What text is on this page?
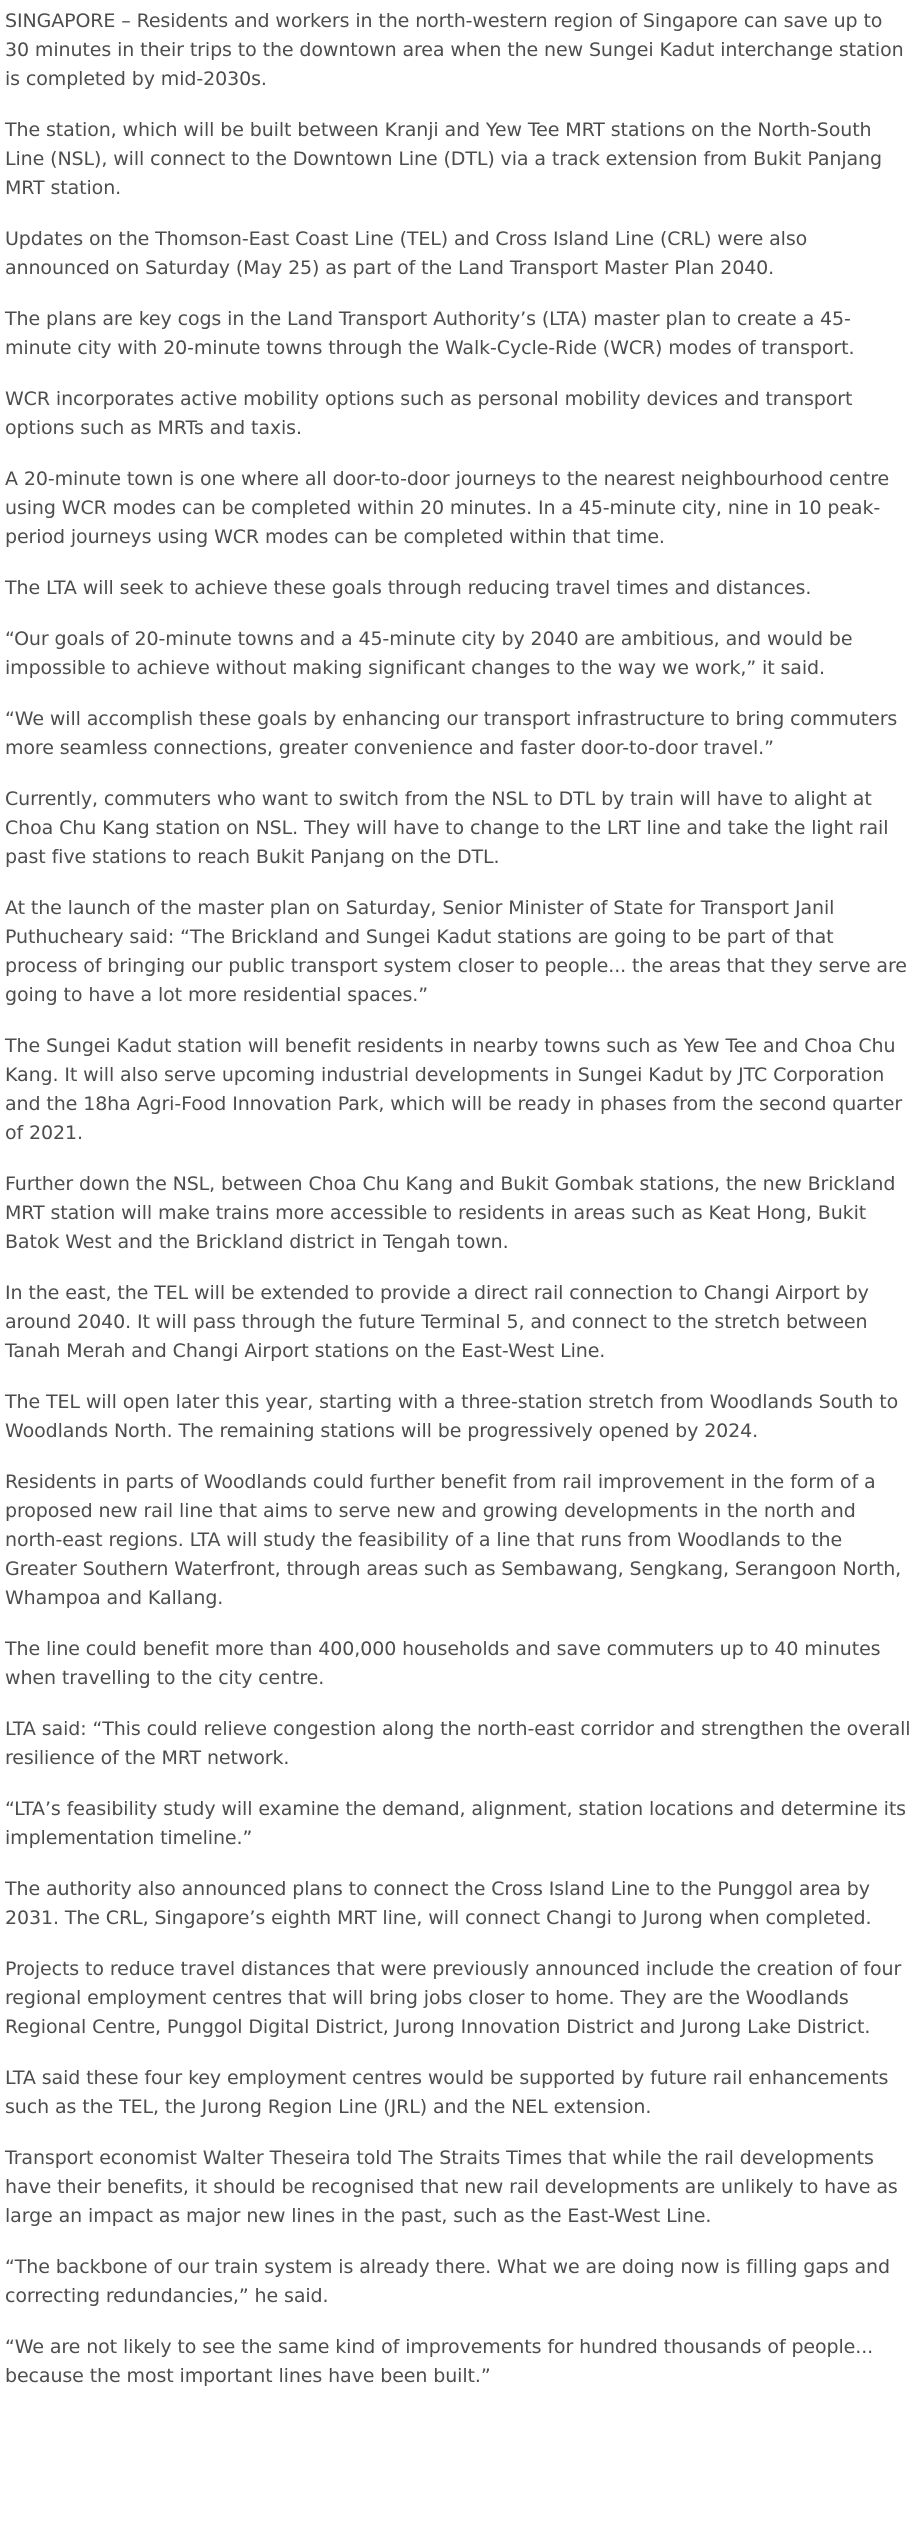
SINGAPORE – Residents and workers in the north-western region of Singapore can save up to 30 minutes in their trips to the downtown area when the new Sungei Kadut interchange station is completed by mid-2030s.

The station, which will be built between Kranji and Yew Tee MRT stations on the North-South Line (NSL), will connect to the Downtown Line (DTL) via a track extension from Bukit Panjang MRT station.

Updates on the Thomson-East Coast Line (TEL) and Cross Island Line (CRL) were also announced on Saturday (May 25) as part of the Land Transport Master Plan 2040.

The plans are key cogs in the Land Transport Authority’s (LTA) master plan to create a 45-minute city with 20-minute towns through the Walk-Cycle-Ride (WCR) modes of transport.

WCR incorporates active mobility options such as personal mobility devices and transport options such as MRTs and taxis.

A 20-minute town is one where all door-to-door journeys to the nearest neighbourhood centre using WCR modes can be completed within 20 minutes. In a 45-minute city, nine in 10 peak-period journeys using WCR modes can be completed within that time.

The LTA will seek to achieve these goals through reducing travel times and distances.

“Our goals of 20-minute towns and a 45-minute city by 2040 are ambitious, and would be impossible to achieve without making significant changes to the way we work,” it said.

“We will accomplish these goals by enhancing our transport infrastructure to bring commuters more seamless connections, greater convenience and faster door-to-door travel.”

Currently, commuters who want to switch from the NSL to DTL by train will have to alight at Choa Chu Kang station on NSL. They will have to change to the LRT line and take the light rail past five stations to reach Bukit Panjang on the DTL.

At the launch of the master plan on Saturday, Senior Minister of State for Transport Janil Puthucheary said: “The Brickland and Sungei Kadut stations are going to be part of that process of bringing our public transport system closer to people... the areas that they serve are going to have a lot more residential spaces.”

The Sungei Kadut station will benefit residents in nearby towns such as Yew Tee and Choa Chu Kang. It will also serve upcoming industrial developments in Sungei Kadut by JTC Corporation and the 18ha Agri-Food Innovation Park, which will be ready in phases from the second quarter of 2021.

Further down the NSL, between Choa Chu Kang and Bukit Gombak stations, the new Brickland MRT station will make trains more accessible to residents in areas such as Keat Hong, Bukit Batok West and the Brickland district in Tengah town.

In the east, the TEL will be extended to provide a direct rail connection to Changi Airport by around 2040. It will pass through the future Terminal 5, and connect to the stretch between Tanah Merah and Changi Airport stations on the East-West Line.

The TEL will open later this year, starting with a three-station stretch from Woodlands South to Woodlands North. The remaining stations will be progressively opened by 2024.

Residents in parts of Woodlands could further benefit from rail improvement in the form of a proposed new rail line that aims to serve new and growing developments in the north and north-east regions. LTA will study the feasibility of a line that runs from Woodlands to the Greater Southern Waterfront, through areas such as Sembawang, Sengkang, Serangoon North, Whampoa and Kallang.

The line could benefit more than 400,000 households and save commuters up to 40 minutes when travelling to the city centre.

LTA said: “This could relieve congestion along the north-east corridor and strengthen the overall resilience of the MRT network.

“LTA’s feasibility study will examine the demand, alignment, station locations and determine its implementation timeline.”

The authority also announced plans to connect the Cross Island Line to the Punggol area by 2031. The CRL, Singapore’s eighth MRT line, will connect Changi to Jurong when completed.

Projects to reduce travel distances that were previously announced include the creation of four regional employment centres that will bring jobs closer to home. They are the Woodlands Regional Centre, Punggol Digital District, Jurong Innovation District and Jurong Lake District.

LTA said these four key employment centres would be supported by future rail enhancements such as the TEL, the Jurong Region Line (JRL) and the NEL extension.

Transport economist Walter Theseira told The Straits Times that while the rail developments have their benefits, it should be recognised that new rail developments are unlikely to have as large an impact as major new lines in the past, such as the East-West Line.

“The backbone of our train system is already there. What we are doing now is filling gaps and correcting redundancies,” he said.

“We are not likely to see the same kind of improvements for hundred thousands of people... because the most important lines have been built.”
